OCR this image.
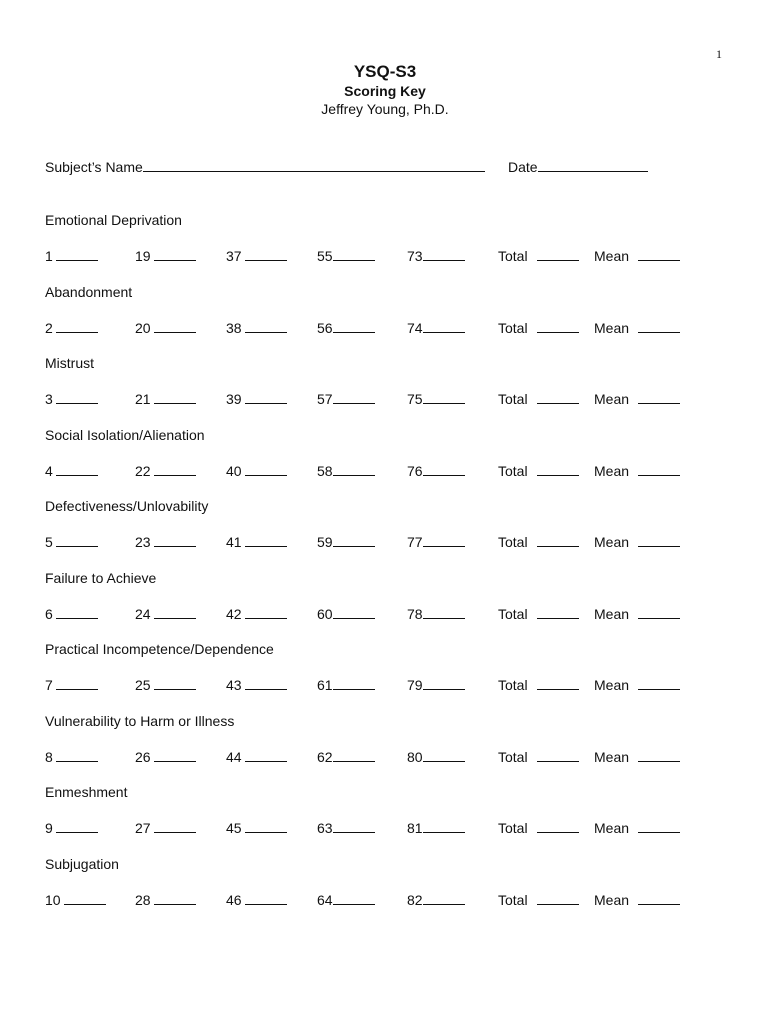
1
YSQ-S3
Scoring Key
Jeffrey Young, Ph.D.
Subject’s Name	Date
Emotional Deprivation
1	19	37	55	73	Total	Mean
Abandonment
2	20	38	56	74	Total	Mean
Mistrust
3	21	39	57	75	Total	Mean
Social Isolation/Alienation
4	22	40	58	76	Total	Mean
Defectiveness/Unlovability
5	23	41	59	77	Total	Mean
Failure to Achieve
6	24	42	60	78	Total	Mean
Practical Incompetence/Dependence
7	25	43	61	79	Total	Mean
Vulnerability to Harm or Illness
8	26	44	62	80	Total	Mean
Enmeshment
9	27	45	63	81	Total	Mean
Subjugation
10	28	46	64	82	Total	Mean
